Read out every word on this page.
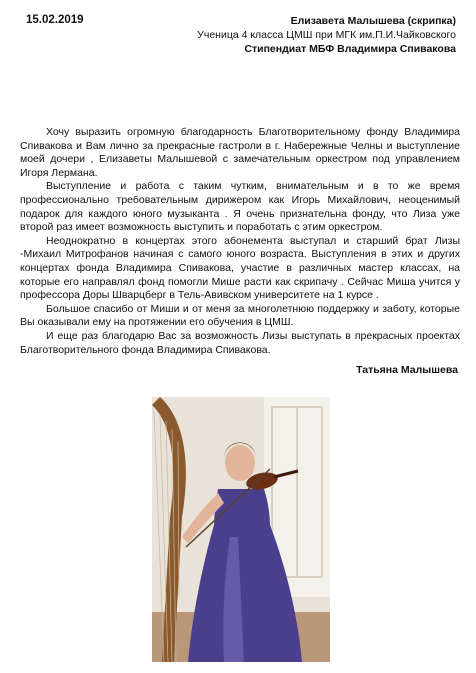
15.02.2019	Елизавета Малышева (скрипка)
Ученица 4 класса ЦМШ при МГК им.П.И.Чайковского
Стипендиат МБФ Владимира Спивакова

Хочу выразить огромную благодарность Благотворительному фонду Владимира Спивакова и Вам лично за прекрасные гастроли в г. Набережные Челны и выступление моей дочери , Елизаветы Малышевой с замечательным оркестром под управлением Игоря Лермана.

Выступление и работа с таким чутким, внимательным и в то же время профессионально требовательным дирижером как Игорь Михайлович, неоценимый подарок для каждого юного музыканта . Я очень признательна фонду, что Лиза уже второй раз имеет возможность выступить и поработать с этим оркестром.

Неоднократно в концертах этого абонемента выступал и старший брат Лизы -Михаил Митрофанов начиная с самого юного возраста. Выступления в этих и других концертах фонда Владимира Спивакова, участие в различных мастер классах, на которые его направлял фонд помогли Мише расти как скрипачу . Сейчас Миша учится у профессора Доры Шварцберг в Тель-Авивском университете на 1 курсе .

Большое спасибо от Миши и от меня за многолетнюю поддержку и заботу, которые Вы оказывали ему на протяжении его обучения в ЦМШ.

И еще раз благодарю Вас за возможность Лизы выступать в прекрасных проектах Благотворительного фонда Владимира Спивакова.

Татьяна Малышева
